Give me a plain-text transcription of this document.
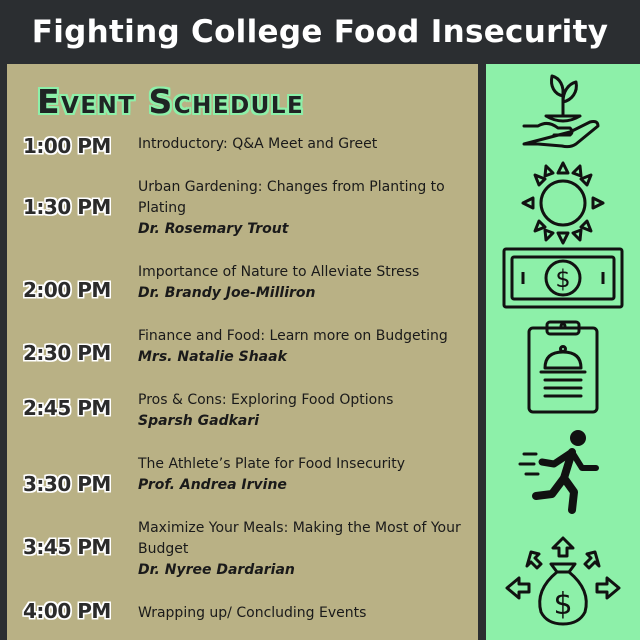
Fighting College Food Insecurity
Event Schedule
1:00 PM	Introductory: Q&A Meet and Greet
1:30 PM
Urban Gardening: Changes from Planting to Plating
Dr. Rosemary Trout
2:00 PM
Importance of Nature to Alleviate Stress
Dr. Brandy Joe-Milliron
2:30 PM
Finance and Food: Learn more on Budgeting
Mrs. Natalie Shaak
2:45 PM	Pros & Cons: Exploring Food Options
Sparsh Gadkari
3:30 PM
The Athlete’s Plate for Food Insecurity
Prof. Andrea Irvine
3:45 PM
Maximize Your Meals: Making the Most of Your Budget
Dr. Nyree Dardarian
4:00 PM	Wrapping up/ Concluding Events
$
$
